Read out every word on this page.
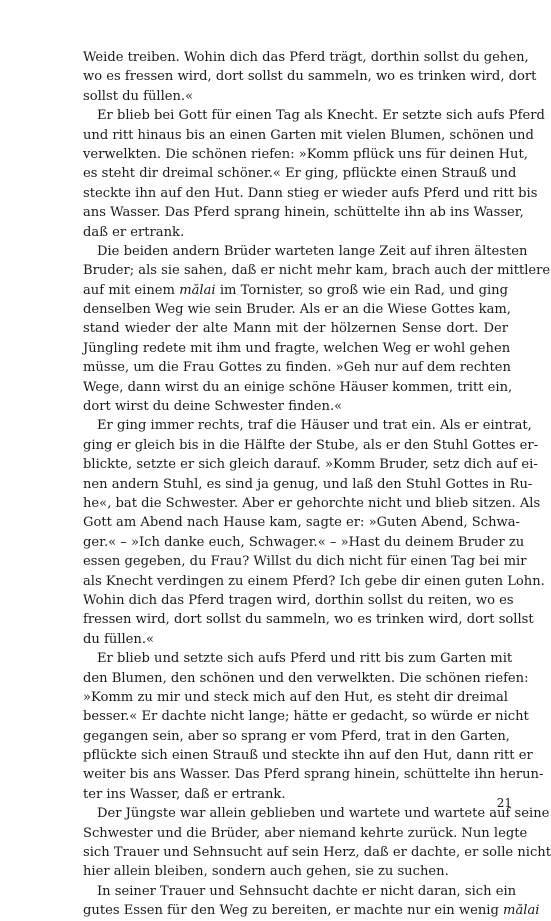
Weide treiben. Wohin dich das Pferd trägt, dorthin sollst du gehen,
wo es fressen wird, dort sollst du sammeln, wo es trinken wird, dort
sollst du füllen.«
Er blieb bei Gott für einen Tag als Knecht. Er setzte sich aufs Pferd
und ritt hinaus bis an einen Garten mit vielen Blumen, schönen und
verwelkten. Die schönen riefen: »Komm pflück uns für deinen Hut,
es steht dir dreimal schöner.« Er ging, pflückte einen Strauß und
steckte ihn auf den Hut. Dann stieg er wieder aufs Pferd und ritt bis
ans Wasser. Das Pferd sprang hinein, schüttelte ihn ab ins Wasser,
daß er ertrank.
Die beiden andern Brüder warteten lange Zeit auf ihren ältesten
Bruder; als sie sahen, daß er nicht mehr kam, brach auch der mittlere
auf mit einem mălai im Tornister, so groß wie ein Rad, und ging
denselben Weg wie sein Bruder. Als er an die Wiese Gottes kam,
stand wieder der alte Mann mit der hölzernen Sense dort. Der
Jüngling redete mit ihm und fragte, welchen Weg er wohl gehen
müsse, um die Frau Gottes zu finden. »Geh nur auf dem rechten
Wege, dann wirst du an einige schöne Häuser kommen, tritt ein,
dort wirst du deine Schwester finden.«
Er ging immer rechts, traf die Häuser und trat ein. Als er eintrat,
ging er gleich bis in die Hälfte der Stube, als er den Stuhl Gottes er-
blickte, setzte er sich gleich darauf. »Komm Bruder, setz dich auf ei-
nen andern Stuhl, es sind ja genug, und laß den Stuhl Gottes in Ru-
he«, bat die Schwester. Aber er gehorchte nicht und blieb sitzen. Als
Gott am Abend nach Hause kam, sagte er: »Guten Abend, Schwa-
ger.« – »Ich danke euch, Schwager.« – »Hast du deinem Bruder zu
essen gegeben, du Frau? Willst du dich nicht für einen Tag bei mir
als Knecht verdingen zu einem Pferd? Ich gebe dir einen guten Lohn.
Wohin dich das Pferd tragen wird, dorthin sollst du reiten, wo es
fressen wird, dort sollst du sammeln, wo es trinken wird, dort sollst
du füllen.«
Er blieb und setzte sich aufs Pferd und ritt bis zum Garten mit
den Blumen, den schönen und den verwelkten. Die schönen riefen:
»Komm zu mir und steck mich auf den Hut, es steht dir dreimal
besser.« Er dachte nicht lange; hätte er gedacht, so würde er nicht
gegangen sein, aber so sprang er vom Pferd, trat in den Garten,
pflückte sich einen Strauß und steckte ihn auf den Hut, dann ritt er
weiter bis ans Wasser. Das Pferd sprang hinein, schüttelte ihn herun-
ter ins Wasser, daß er ertrank.
Der Jüngste war allein geblieben und wartete und wartete auf seine
Schwester und die Brüder, aber niemand kehrte zurück. Nun legte
sich Trauer und Sehnsucht auf sein Herz, daß er dachte, er solle nicht
hier allein bleiben, sondern auch gehen, sie zu suchen.
In seiner Trauer und Sehnsucht dachte er nicht daran, sich ein
gutes Essen für den Weg zu bereiten, er machte nur ein wenig mălai
21
